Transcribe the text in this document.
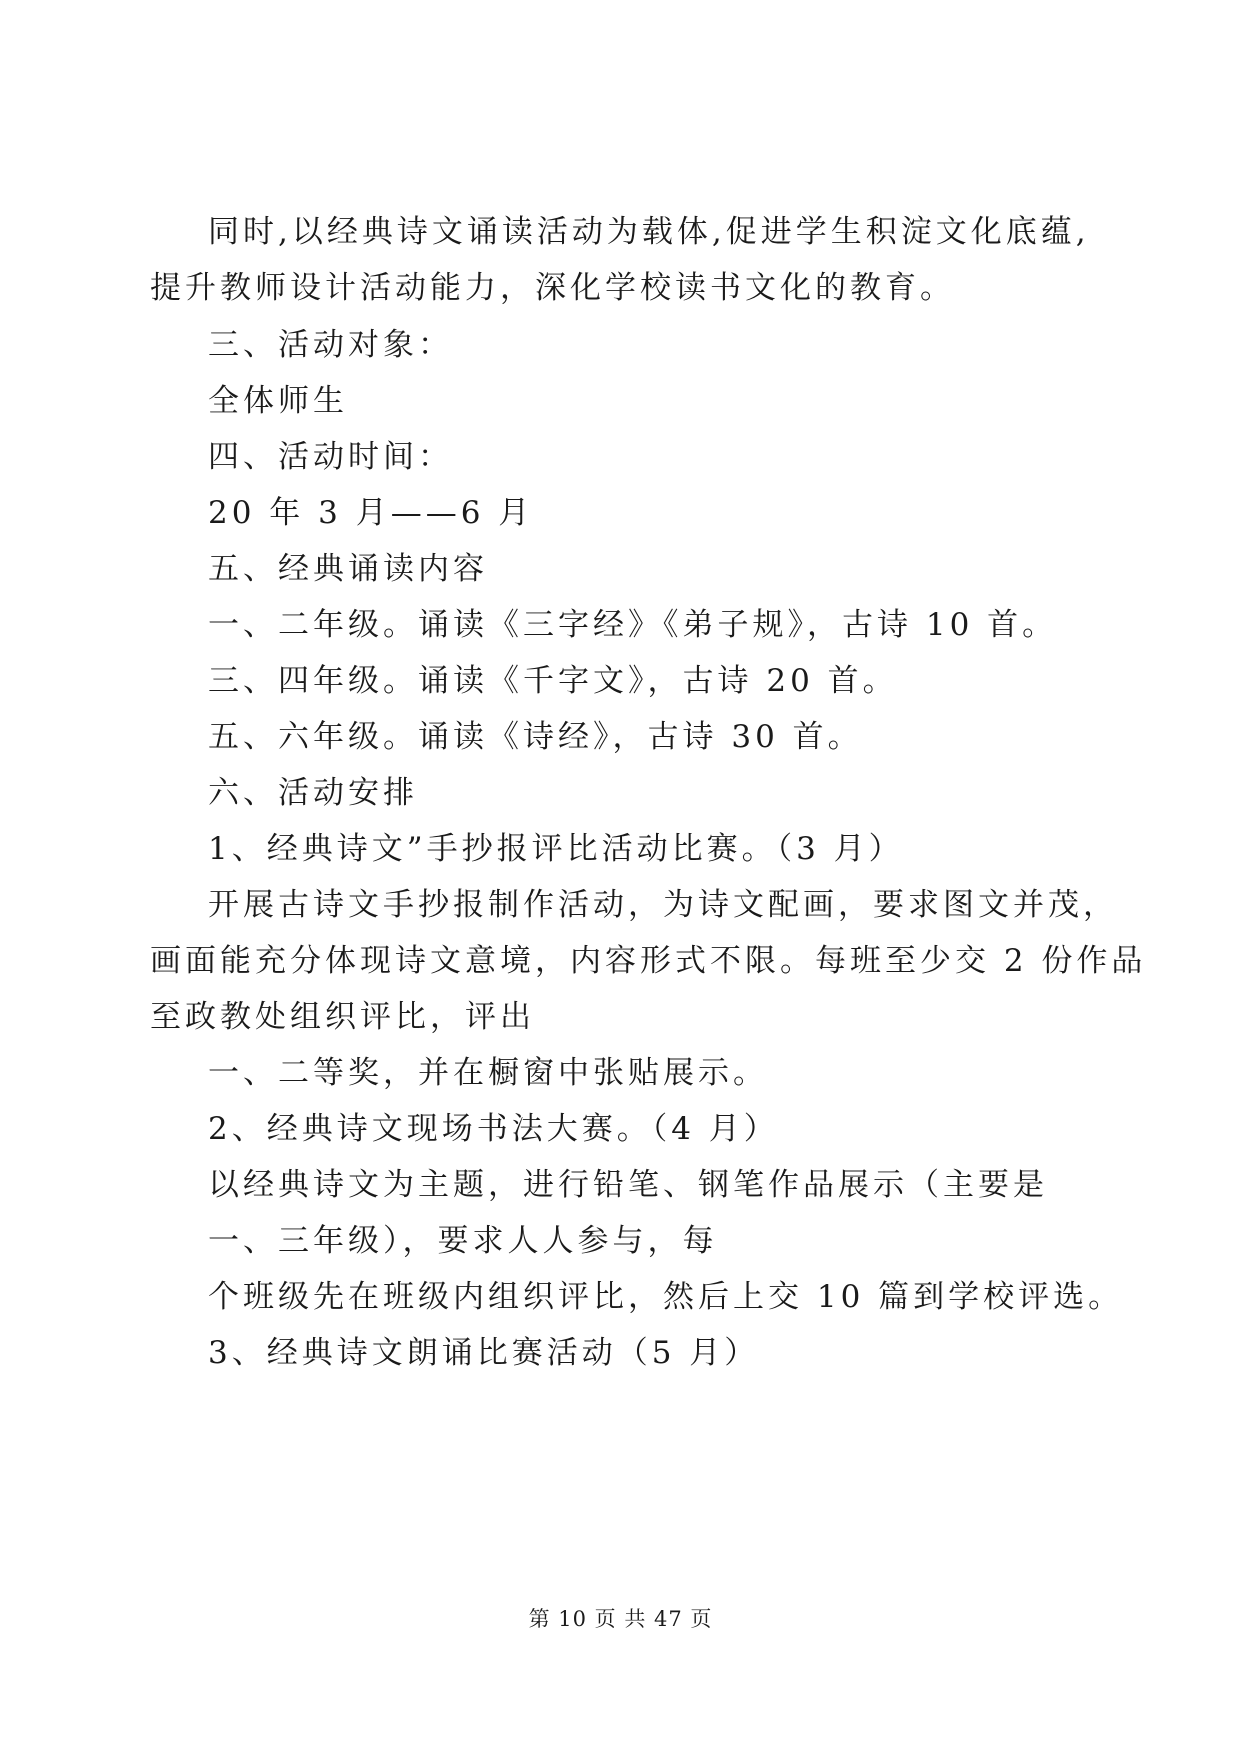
同时,以经典诗文诵读活动为载体,促进学生积淀文化底蕴,
提升教师设计活动能力，深化学校读书文化的教育。
三、活动对象：
全体师生
四、活动时间：
20 年 3 月——6 月
五、经典诵读内容
一、二年级。诵读《三字经》《弟子规》，古诗 10 首。
三、四年级。诵读《千字文》，古诗 20 首。
五、六年级。诵读《诗经》，古诗 30 首。
六、活动安排
1、经典诗文”手抄报评比活动比赛。（3 月）
开展古诗文手抄报制作活动，为诗文配画，要求图文并茂，
画面能充分体现诗文意境，内容形式不限。每班至少交 2 份作品
至政教处组织评比，评出
一、二等奖，并在橱窗中张贴展示。
2、经典诗文现场书法大赛。（4 月）
以经典诗文为主题，进行铅笔、钢笔作品展示（主要是
一、三年级），要求人人参与，每
个班级先在班级内组织评比，然后上交 10 篇到学校评选。
3、经典诗文朗诵比赛活动（5 月）
第 10 页 共 47 页
